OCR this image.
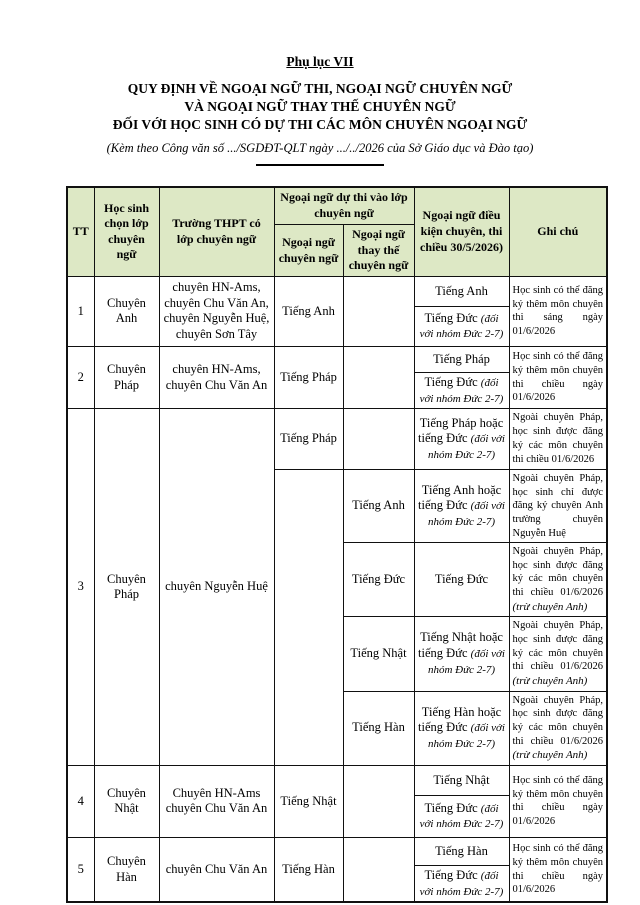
Phụ lục VII
QUY ĐỊNH VỀ NGOẠI NGỮ THI, NGOẠI NGỮ CHUYÊN NGỮ
VÀ NGOẠI NGỮ THAY THẾ CHUYÊN NGỮ
ĐỐI VỚI HỌC SINH CÓ DỰ THI CÁC MÔN CHUYÊN NGOẠI NGỮ
(Kèm theo Công văn số .../SGDĐT-QLT ngày .../../2026 của Sở Giáo dục và Đào tạo)
TT	Học sinh chọn lớp chuyên ngữ	Trường THPT có lớp chuyên ngữ	Ngoại ngữ dự thi vào lớp chuyên ngữ		Ngoại ngữ điều kiện chuyên, thi chiều 30/5/2026)	Ghi chú
			Ngoại ngữ chuyên ngữ	Ngoại ngữ thay thế chuyên ngữ		
1	Chuyên Anh	chuyên HN-Ams, chuyên Chu Văn An, chuyên Nguyễn Huệ, chuyên Sơn Tây	Tiếng Anh		Tiếng Anh	Học sinh có thể đăng ký thêm môn chuyên thi sáng ngày 01/6/2026
					Tiếng Đức (đối với nhóm Đức 2-7)	
2	Chuyên Pháp	chuyên HN-Ams, chuyên Chu Văn An	Tiếng Pháp		Tiếng Pháp	Học sinh có thể đăng ký thêm môn chuyên thi chiều ngày 01/6/2026
					Tiếng Đức (đối với nhóm Đức 2-7)	
3	Chuyên Pháp	chuyên Nguyễn Huệ	Tiếng Pháp		Tiếng Pháp hoặc tiếng Đức (đối với nhóm Đức 2-7)	Ngoài chuyên Pháp, học sinh được đăng ký các môn chuyên thi chiều 01/6/2026
				Tiếng Anh	Tiếng Anh hoặc tiếng Đức (đối với nhóm Đức 2-7)	Ngoài chuyên Pháp, học sinh chỉ được đăng ký chuyên Anh trường chuyên Nguyễn Huệ
				Tiếng Đức	Tiếng Đức	Ngoài chuyên Pháp, học sinh được đăng ký các môn chuyên thi chiều 01/6/2026 (trừ chuyên Anh)
				Tiếng Nhật	Tiếng Nhật hoặc tiếng Đức (đối với nhóm Đức 2-7)	Ngoài chuyên Pháp, học sinh được đăng ký các môn chuyên thi chiều 01/6/2026 (trừ chuyên Anh)
				Tiếng Hàn	Tiếng Hàn hoặc tiếng Đức (đối với nhóm Đức 2-7)	Ngoài chuyên Pháp, học sinh được đăng ký các môn chuyên thi chiều 01/6/2026 (trừ chuyên Anh)
4	Chuyên Nhật	Chuyên HN-Ams chuyên Chu Văn An	Tiếng Nhật		Tiếng Nhật	Học sinh có thể đăng ký thêm môn chuyên thi chiều ngày 01/6/2026
					Tiếng Đức (đối với nhóm Đức 2-7)	
5	Chuyên Hàn	chuyên Chu Văn An	Tiếng Hàn		Tiếng Hàn	Học sinh có thể đăng ký thêm môn chuyên thi chiều ngày 01/6/2026
					Tiếng Đức (đối với nhóm Đức 2-7)	
